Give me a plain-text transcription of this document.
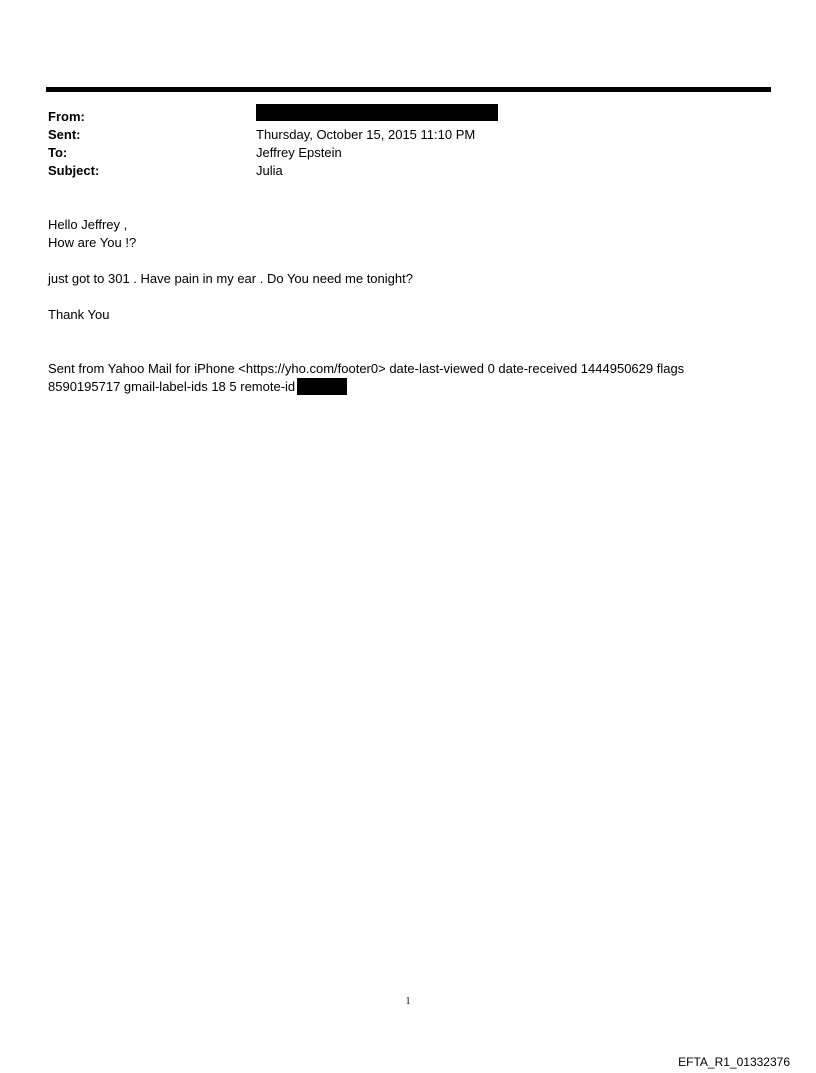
From:
Sent:	Thursday, October 15, 2015 11:10 PM
To:	Jeffrey Epstein
Subject:	Julia

Hello Jeffrey ,

How are You !?

just got to 301 . Have pain in my ear . Do You need me tonight?

Thank You

Sent from Yahoo Mail for iPhone <https://yho.com/footer0> date-last-viewed 0 date-received 1444950629 flags

8590195717 gmail-label-ids 18 5 remote-id

1
EFTA_R1_01332376
